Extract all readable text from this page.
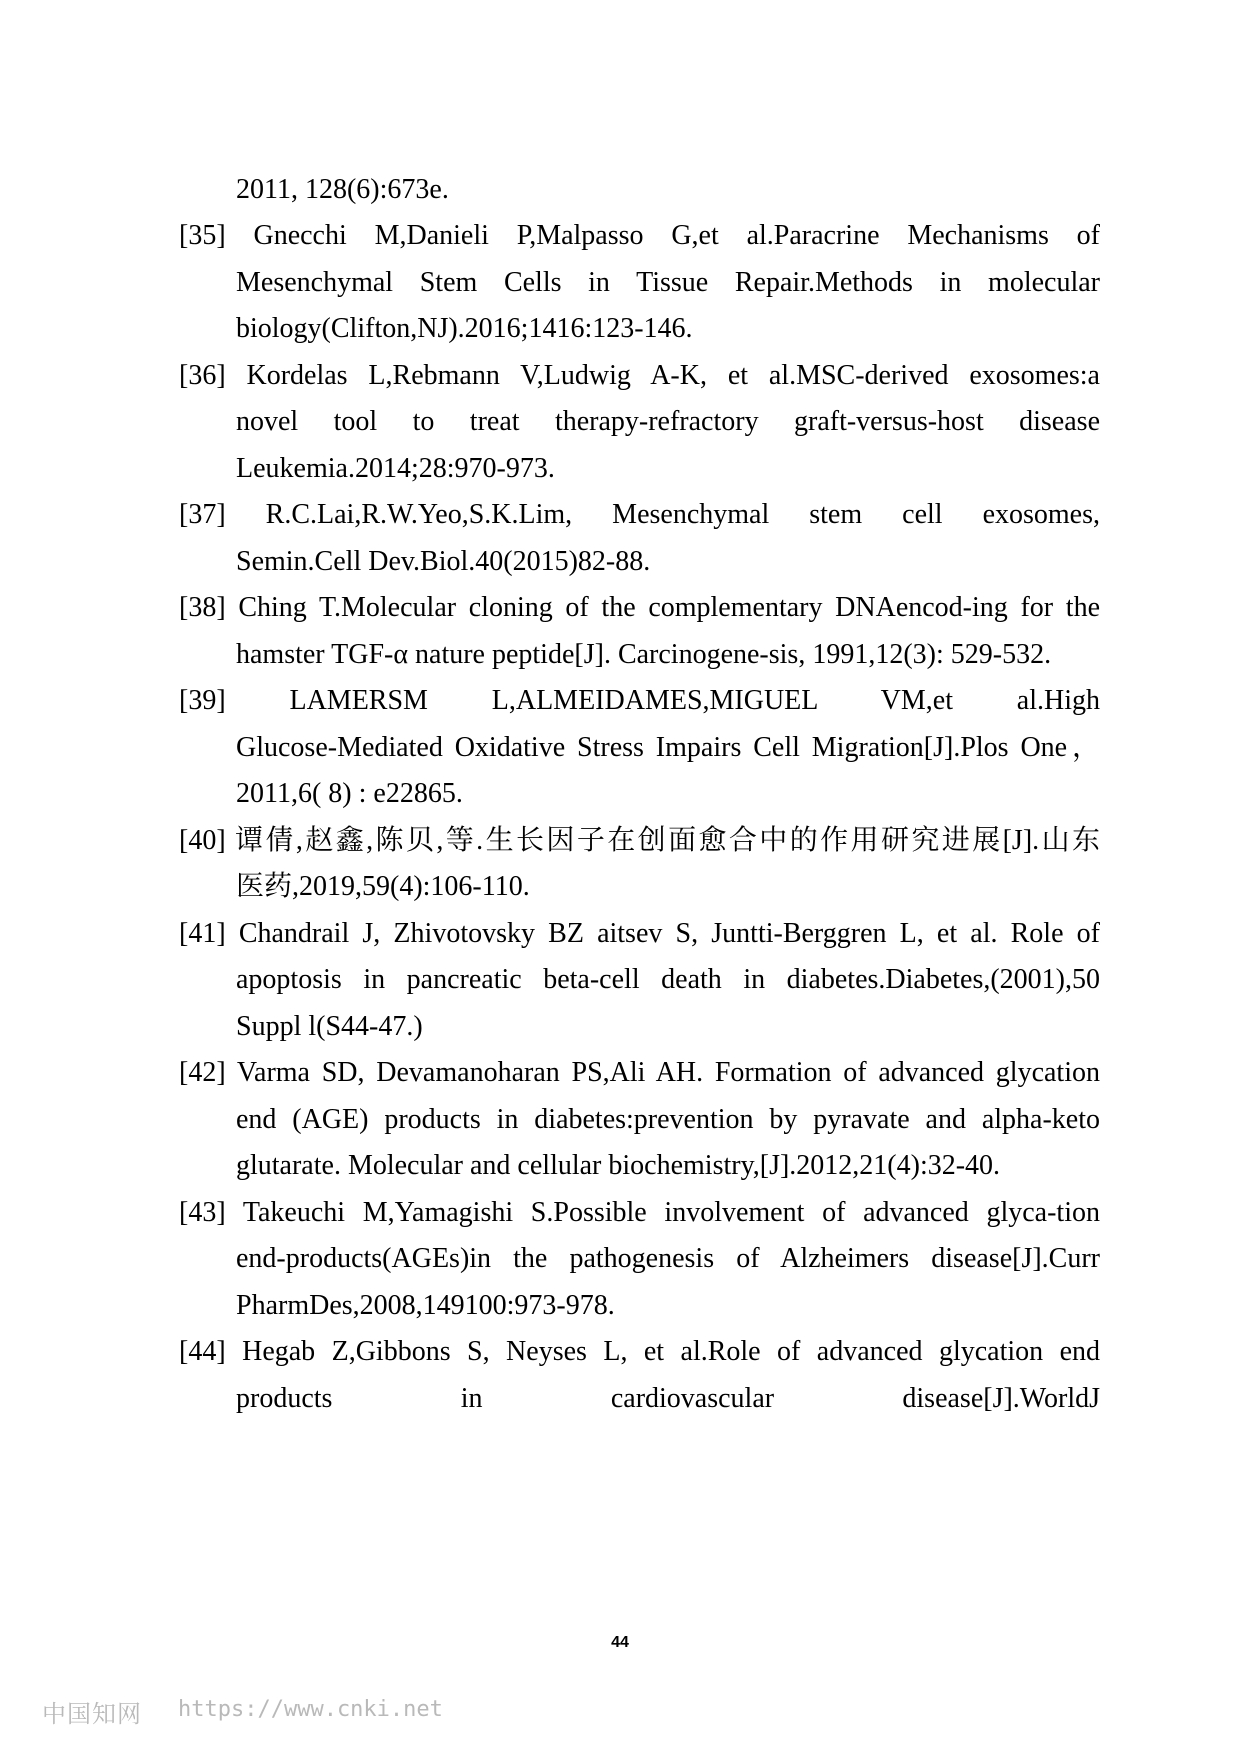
2011, 128(6):673e.
[35] Gnecchi M,Danieli P,Malpasso G,et al.Paracrine Mechanisms of
Mesenchymal Stem Cells in Tissue Repair.Methods in molecular
biology(Clifton,NJ).2016;1416:123-146.
[36] Kordelas L,Rebmann V,Ludwig A-K, et al.MSC-derived exosomes:a
novel tool to treat therapy-refractory graft-versus-host disease
Leukemia.2014;28:970-973.
[37] R.C.Lai,R.W.Yeo,S.K.Lim, Mesenchymal stem cell exosomes,
Semin.Cell Dev.Biol.40(2015)82-88.
[38] Ching T.Molecular cloning of the complementary DNAencod-ing for the
hamster TGF-α nature peptide[J]. Carcinogene-sis, 1991,12(3): 529-532.
[39] LAMERSM L,ALMEIDAMES,MIGUEL VM,et al.High
Glucose-Mediated Oxidative Stress Impairs Cell Migration[J].Plos One，
2011,6( 8) : e22865.
[40] 谭倩,赵鑫,陈贝,等.生长因子在创面愈合中的作用研究进展[J].山东
医药,2019,59(4):106-110.
[41] Chandrail J, Zhivotovsky BZ aitsev S, Juntti-Berggren L, et al. Role of
apoptosis in pancreatic beta-cell death in diabetes.Diabetes,(2001),50
Suppl l(S44-47.)
[42] Varma SD, Devamanoharan PS,Ali AH. Formation of advanced glycation
end (AGE) products in diabetes:prevention by pyravate and alpha-keto
glutarate. Molecular and cellular biochemistry,[J].2012,21(4):32-40.
[43] Takeuchi M,Yamagishi S.Possible involvement of advanced glyca-tion
end-products(AGEs)in the pathogenesis of Alzheimers disease[J].Curr
PharmDes,2008,149100:973-978.
[44] Hegab Z,Gibbons S, Neyses L, et al.Role of advanced glycation end
products in cardiovascular disease[J].WorldJ
44
中国知网 https://www.cnki.net
